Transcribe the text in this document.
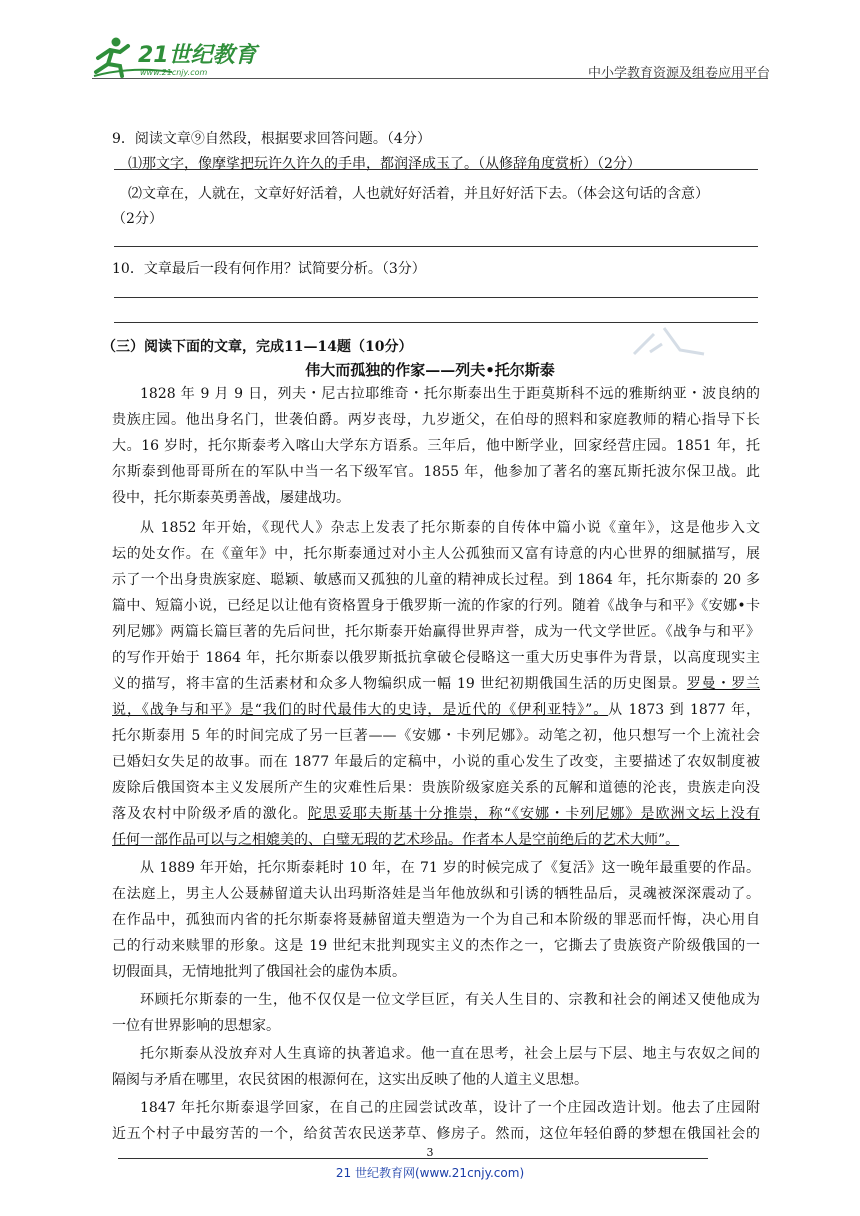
21世纪教育
www.21cnjy.com	中小学教育资源及组卷应用平台
9．阅读文章⑨自然段，根据要求回答问题。（4分）
⑴那文字，像摩挲把玩许久许久的手串，都润泽成玉了。（从修辞角度赏析）（2分）
⑵文章在，人就在，文章好好活着，人也就好好活着，并且好好活下去。（体会这句话的含意）
（2分）
10．文章最后一段有何作用？试简要分析。（3分）
（三）阅读下面的文章，完成11—14题（10分）
伟大而孤独的作家——列夫•托尔斯泰
1828 年 9 月 9 日，列夫・尼古拉耶维奇・托尔斯泰出生于距莫斯科不远的雅斯纳亚・波良纳的
贵族庄园。他出身名门，世袭伯爵。两岁丧母，九岁逝父，在伯母的照料和家庭教师的精心指导下长
大。16 岁时，托尔斯泰考入喀山大学东方语系。三年后，他中断学业，回家经营庄园。1851 年，托
尔斯泰到他哥哥所在的军队中当一名下级军官。1855 年，他参加了著名的塞瓦斯托波尔保卫战。此
役中，托尔斯泰英勇善战，屡建战功。
从 1852 年开始，《现代人》杂志上发表了托尔斯泰的自传体中篇小说《童年》，这是他步入文
坛的处女作。在《童年》中，托尔斯泰通过对小主人公孤独而又富有诗意的内心世界的细腻描写，展
示了一个出身贵族家庭、聪颖、敏感而又孤独的儿童的精神成长过程。到 1864 年，托尔斯泰的 20 多
篇中、短篇小说，已经足以让他有资格置身于俄罗斯一流的作家的行列。随着《战争与和平》《安娜•卡
列尼娜》两篇长篇巨著的先后问世，托尔斯泰开始赢得世界声誉，成为一代文学世匠。《战争与和平》
的写作开始于 1864 年，托尔斯泰以俄罗斯抵抗拿破仑侵略这一重大历史事件为背景，以高度现实主
义的描写，将丰富的生活素材和众多人物编织成一幅 19 世纪初期俄国生活的历史图景。罗曼・罗兰
说，《战争与和平》是“我们的时代最伟大的史诗，是近代的《伊利亚特》”。从 1873 到 1877 年，
托尔斯泰用 5 年的时间完成了另一巨著——《安娜・卡列尼娜》。动笔之初，他只想写一个上流社会
已婚妇女失足的故事。而在 1877 年最后的定稿中，小说的重心发生了改变，主要描述了农奴制度被
废除后俄国资本主义发展所产生的灾难性后果：贵族阶级家庭关系的瓦解和道德的沦丧，贵族走向没
落及农村中阶级矛盾的激化。陀思妥耶夫斯基十分推崇，称“《安娜・卡列尼娜》是欧洲文坛上没有
任何一部作品可以与之相媲美的、白璧无瑕的艺术珍品。作者本人是空前绝后的艺术大师”。
从 1889 年开始，托尔斯泰耗时 10 年，在 71 岁的时候完成了《复活》这一晚年最重要的作品。
在法庭上，男主人公聂赫留道夫认出玛斯洛娃是当年他放纵和引诱的牺牲品后，灵魂被深深震动了。
在作品中，孤独而内省的托尔斯泰将聂赫留道夫塑造为一个为自己和本阶级的罪恶而忏悔，决心用自
己的行动来赎罪的形象。这是 19 世纪末批判现实主义的杰作之一，它撕去了贵族资产阶级俄国的一
切假面具，无情地批判了俄国社会的虚伪本质。
环顾托尔斯泰的一生，他不仅仅是一位文学巨匠，有关人生目的、宗教和社会的阐述又使他成为
一位有世界影响的思想家。
托尔斯泰从没放弃对人生真谛的执著追求。他一直在思考，社会上层与下层、地主与农奴之间的
隔阂与矛盾在哪里，农民贫困的根源何在，这实出反映了他的人道主义思想。
1847 年托尔斯泰退学回家，在自己的庄园尝试改革，设计了一个庄园改造计划。他去了庄园附
近五个村子中最穷苦的一个，给贫苦农民送茅草、修房子。然而，这位年轻伯爵的梦想在俄国社会的
3
21 世纪教育网(www.21cnjy.com)
